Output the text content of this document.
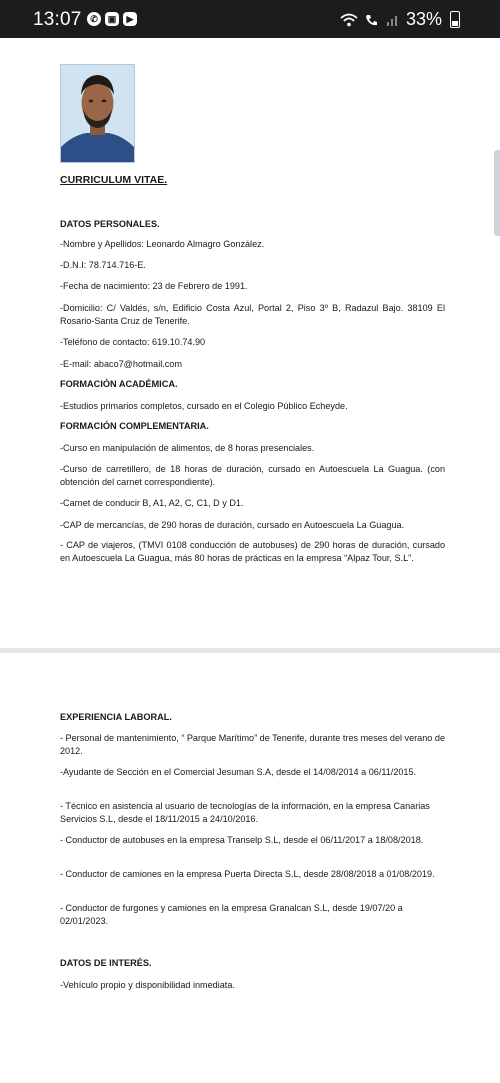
13:07 ✆	▣	▶	33%

CURRICULUM VITAE.

DATOS PERSONALES.

-Nombre y Apellidos: Leonardo Almagro González.

-D.N.I: 78.714.716-E.

-Fecha de nacimiento: 23 de Febrero de 1991.

-Domicilio: C/ Valdés, s/n, Edificio Costa Azul, Portal 2, Piso 3º B, Radazul Bajo. 38109 El Rosario-Santa Cruz de Tenerife.

-Teléfono de contacto: 619.10.74.90

-E-mail: abaco7@hotmail.com

FORMACIÓN ACADÉMICA.

-Estudios primarios completos, cursado en el Colegio Público Echeyde.

FORMACIÓN COMPLEMENTARIA.

-Curso en manipulación de alimentos, de 8 horas presenciales.

-Curso de carretillero, de 18 horas de duración, cursado en Autoescuela La Guagua. (con obtención del carnet correspondiente).

-Carnet de conducir B, A1, A2, C, C1, D y D1.

-CAP de mercancías, de 290 horas de duración, cursado en Autoescuela La Guagua.

- CAP de viajeros, (TMVI 0108 conducción de autobuses) de 290 horas de duración, cursado en Autoescuela La Guagua, más 80 horas de prácticas en la empresa “Alpaz Tour, S.L”.

EXPERIENCIA LABORAL.

- Personal de mantenimiento, “ Parque Marítimo” de Tenerife, durante tres meses del verano de 2012.

-Ayudante de Sección en el Comercial Jesuman S.A, desde el 14/08/2014 a 06/11/2015.

- Técnico en asistencia al usuario de tecnologías de la información, en la empresa Canarias Servicios S.L, desde el 18/11/2015 a 24/10/2016.

- Conductor de autobuses en la empresa Transelp S.L, desde el 06/11/2017 a 18/08/2018.

- Conductor de camiones en la empresa Puerta Directa S.L, desde 28/08/2018 a 01/08/2019.

- Conductor de furgones y camiones en la empresa Granalcan S.L, desde 19/07/20 a 02/01/2023.

DATOS DE INTERÉS.

-Vehículo propio y disponibilidad inmediata.
